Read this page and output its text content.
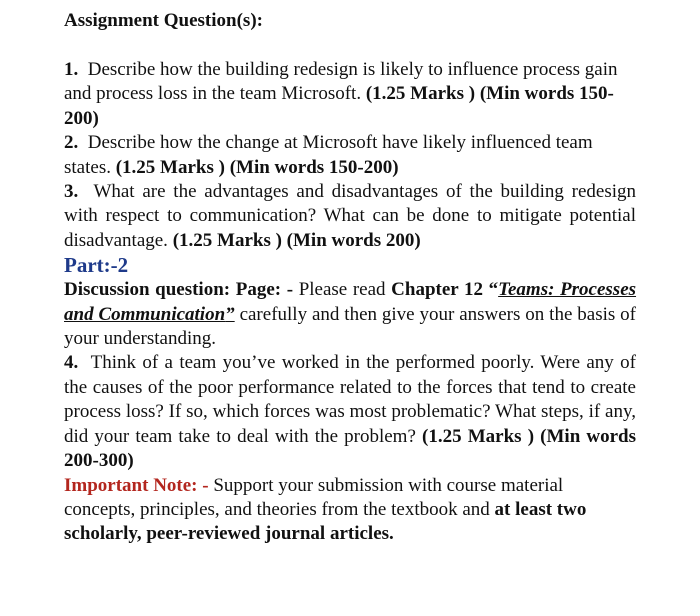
Assignment Question(s):

1. Describe how the building redesign is likely to influence process gain and process loss in the team Microsoft. (1.25 Marks ) (Min words 150-200)

2. Describe how the change at Microsoft have likely influenced team states. (1.25 Marks ) (Min words 150-200)

3. What are the advantages and disadvantages of the building redesign with respect to communication? What can be done to mitigate potential disadvantage. (1.25 Marks ) (Min words 200)

Part:-2

Discussion question: Page: - Please read Chapter 12 “Teams: Processes and Communication” carefully and then give your answers on the basis of your understanding.

4. Think of a team you’ve worked in the performed poorly. Were any of the causes of the poor performance related to the forces that tend to create process loss? If so, which forces was most problematic? What steps, if any, did your team take to deal with the problem? (1.25 Marks ) (Min words 200-300)

Important Note: - Support your submission with course material concepts, principles, and theories from the textbook and at least two scholarly, peer-reviewed journal articles.
